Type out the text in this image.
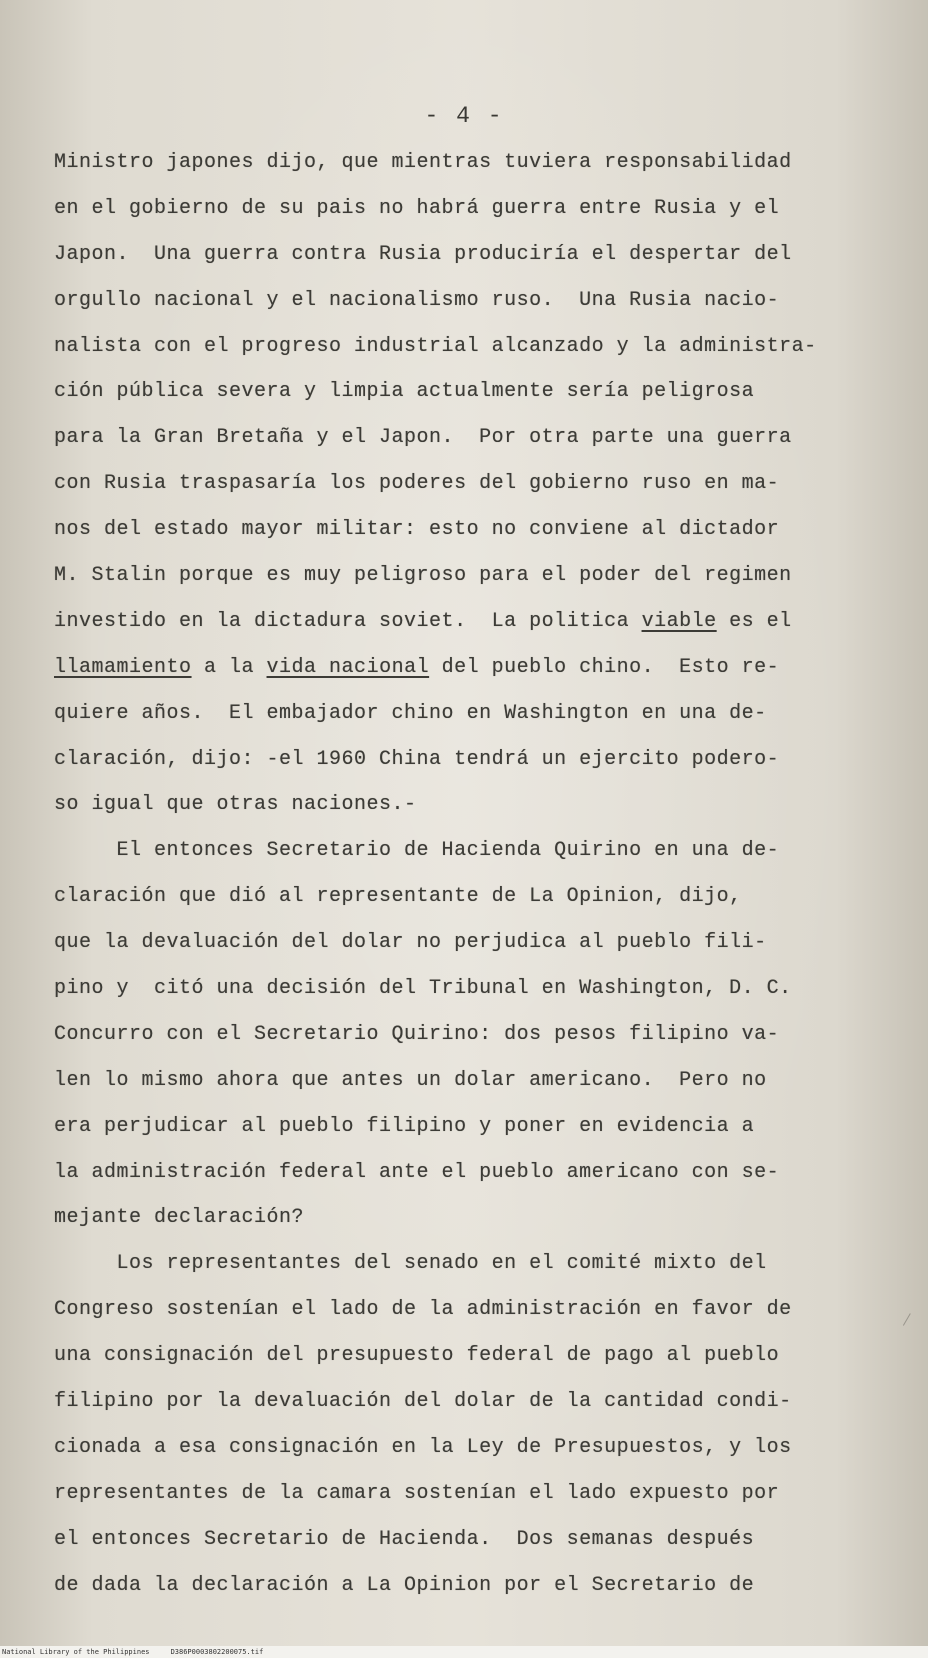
- 4 -
Ministro japones dijo, que mientras tuviera responsabilidad
en el gobierno de su pais no habrá guerra entre Rusia y el
Japon.  Una guerra contra Rusia produciría el despertar del
orgullo nacional y el nacionalismo ruso.  Una Rusia nacio-
nalista con el progreso industrial alcanzado y la administra-
ción pública severa y limpia actualmente sería peligrosa
para la Gran Bretaña y el Japon.  Por otra parte una guerra
con Rusia traspasaría los poderes del gobierno ruso en ma-
nos del estado mayor militar: esto no conviene al dictador
M. Stalin porque es muy peligroso para el poder del regimen
investido en la dictadura soviet.  La politica viable es el
llamamiento a la vida nacional del pueblo chino.  Esto re-
quiere años.  El embajador chino en Washington en una de-
claración, dijo: -el 1960 China tendrá un ejercito podero-
so igual que otras naciones.-
El entonces Secretario de Hacienda Quirino en una de-
claración que dió al representante de La Opinion, dijo,
que la devaluación del dolar no perjudica al pueblo fili-
pino y  citó una decisión del Tribunal en Washington, D. C.
Concurro con el Secretario Quirino: dos pesos filipino va-
len lo mismo ahora que antes un dolar americano.  Pero no
era perjudicar al pueblo filipino y poner en evidencia a
la administración federal ante el pueblo americano con se-
mejante declaración?
Los representantes del senado en el comité mixto del
Congreso sostenían el lado de la administración en favor de
una consignación del presupuesto federal de pago al pueblo
filipino por la devaluación del dolar de la cantidad condi-
cionada a esa consignación en la Ley de Presupuestos, y los
representantes de la camara sostenían el lado expuesto por
el entonces Secretario de Hacienda.  Dos semanas después
de dada la declaración a La Opinion por el Secretario de
National Library of the Philippines     D386P0003802200075.tif
